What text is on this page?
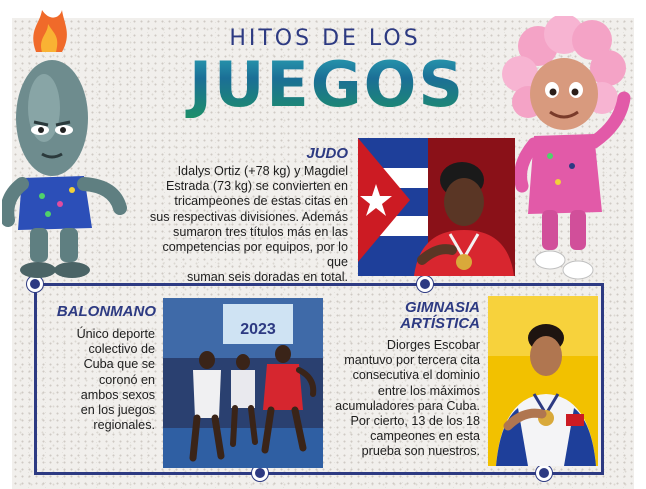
HITOS DE LOS
JUEGOS
JUDO
Idalys Ortiz (+78 kg) y Magdiel
Estrada (73 kg) se convierten en
tricampeones de estas citas en
sus respectivas divisiones. Además
sumaron tres títulos más en las
competencias por equipos, por lo que
suman seis doradas en total.
BALONMANO
Único deporte
colectivo de
Cuba que se
coronó en
ambos sexos
en los juegos
regionales.
2023
GIMNASIA
ARTÍSTICA
Diorges Escobar
mantuvo por tercera cita
consecutiva el dominio
entre los máximos
acumuladores para Cuba.
Por cierto, 13 de los 18
campeones en esta
prueba son nuestros.
